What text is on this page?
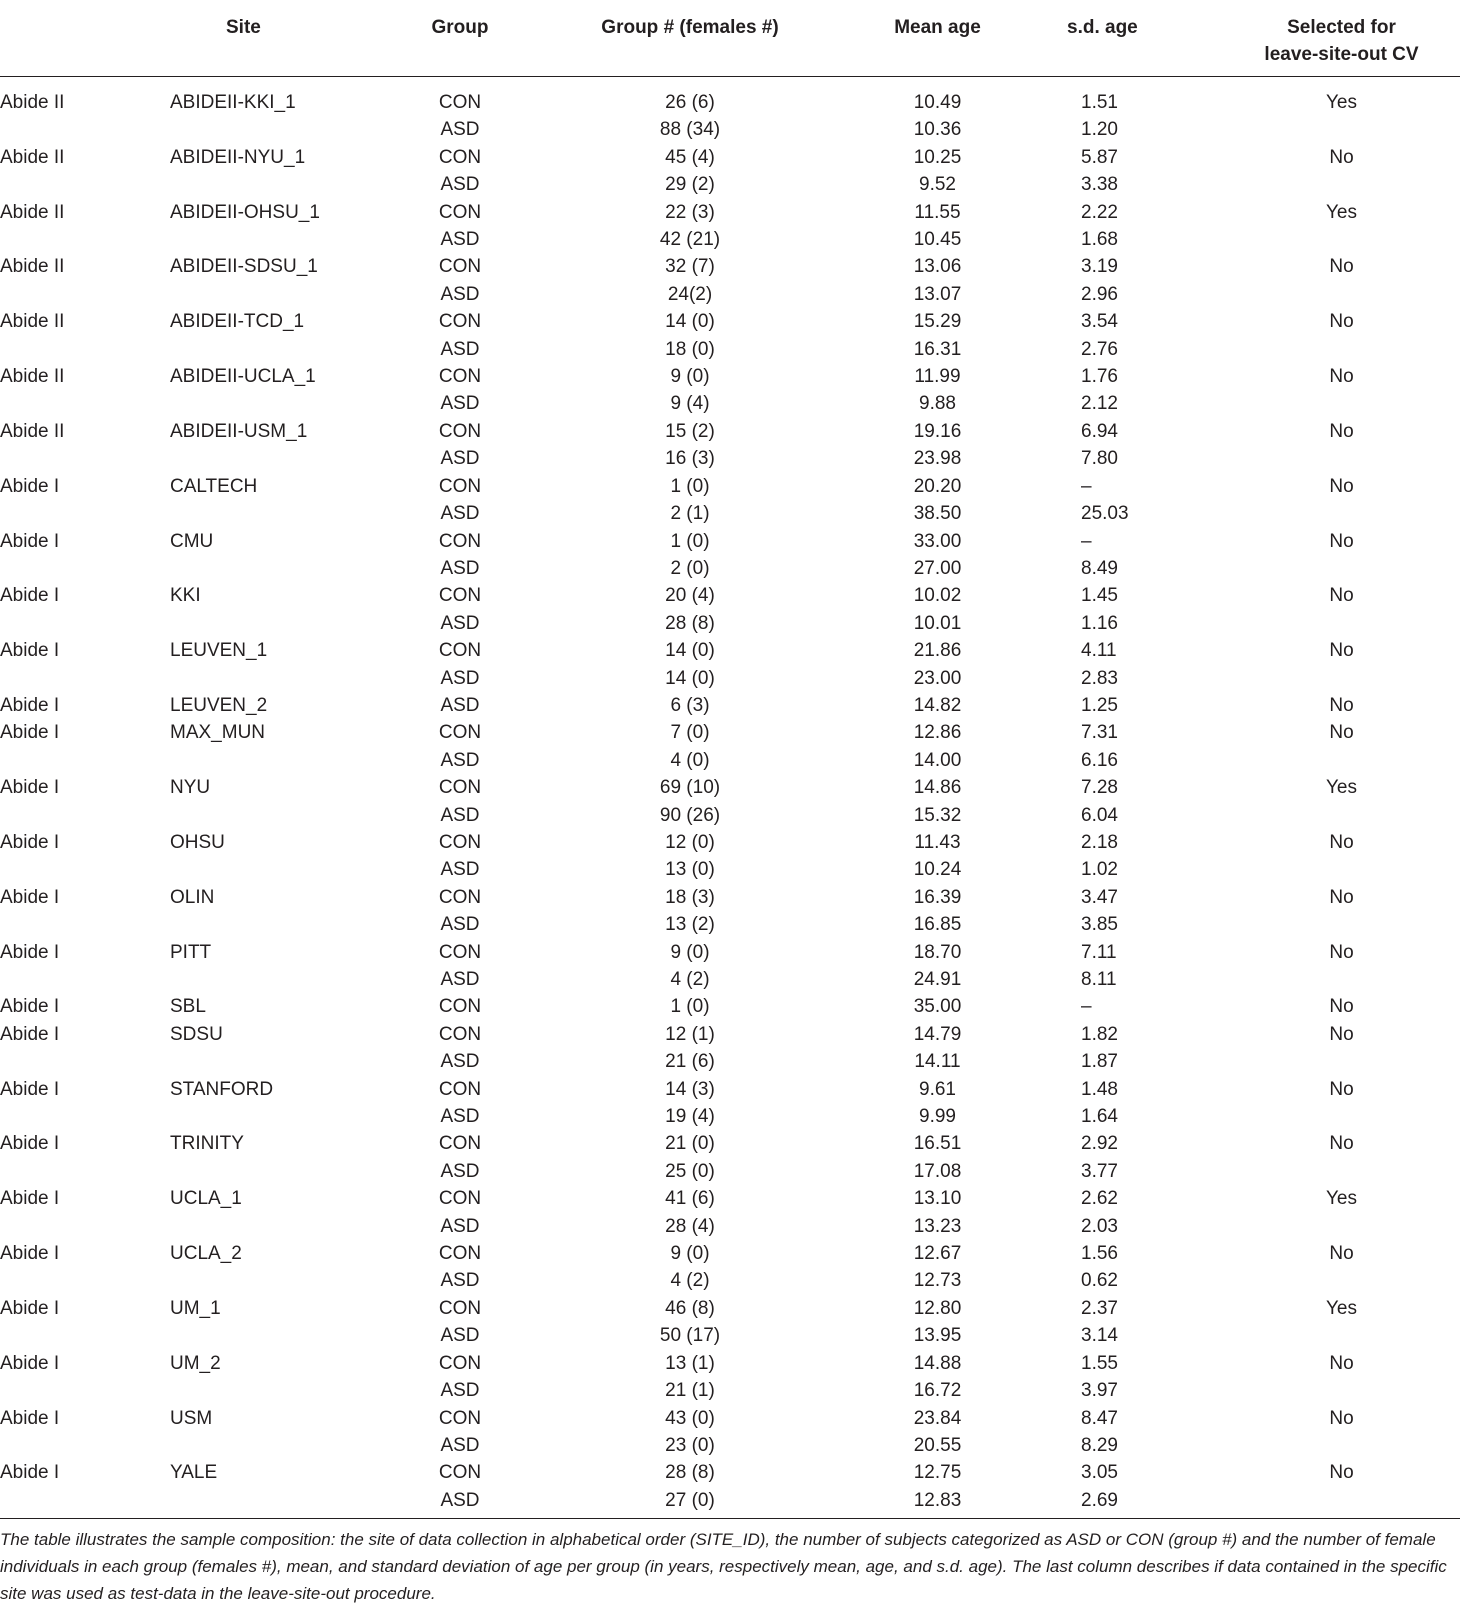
	Site	Group	Group # (females #)	Mean age	s.d. age	Selected for
leave-site-out CV

Abide II	ABIDEII-KKI_1	CON	26 (6)	10.49	1.51	Yes
		ASD	88 (34)	10.36	1.20	
Abide II	ABIDEII-NYU_1	CON	45 (4)	10.25	5.87	No
		ASD	29 (2)	9.52	3.38	
Abide II	ABIDEII-OHSU_1	CON	22 (3)	11.55	2.22	Yes
		ASD	42 (21)	10.45	1.68	
Abide II	ABIDEII-SDSU_1	CON	32 (7)	13.06	3.19	No
		ASD	24(2)	13.07	2.96	
Abide II	ABIDEII-TCD_1	CON	14 (0)	15.29	3.54	No
		ASD	18 (0)	16.31	2.76	
Abide II	ABIDEII-UCLA_1	CON	9 (0)	11.99	1.76	No
		ASD	9 (4)	9.88	2.12	
Abide II	ABIDEII-USM_1	CON	15 (2)	19.16	6.94	No
		ASD	16 (3)	23.98	7.80	
Abide I	CALTECH	CON	1 (0)	20.20	–	No
		ASD	2 (1)	38.50	25.03	
Abide I	CMU	CON	1 (0)	33.00	–	No
		ASD	2 (0)	27.00	8.49	
Abide I	KKI	CON	20 (4)	10.02	1.45	No
		ASD	28 (8)	10.01	1.16	
Abide I	LEUVEN_1	CON	14 (0)	21.86	4.11	No
		ASD	14 (0)	23.00	2.83	
Abide I	LEUVEN_2	ASD	6 (3)	14.82	1.25	No
Abide I	MAX_MUN	CON	7 (0)	12.86	7.31	No
		ASD	4 (0)	14.00	6.16	
Abide I	NYU	CON	69 (10)	14.86	7.28	Yes
		ASD	90 (26)	15.32	6.04	
Abide I	OHSU	CON	12 (0)	11.43	2.18	No
		ASD	13 (0)	10.24	1.02	
Abide I	OLIN	CON	18 (3)	16.39	3.47	No
		ASD	13 (2)	16.85	3.85	
Abide I	PITT	CON	9 (0)	18.70	7.11	No
		ASD	4 (2)	24.91	8.11	
Abide I	SBL	CON	1 (0)	35.00	–	No
Abide I	SDSU	CON	12 (1)	14.79	1.82	No
		ASD	21 (6)	14.11	1.87	
Abide I	STANFORD	CON	14 (3)	9.61	1.48	No
		ASD	19 (4)	9.99	1.64	
Abide I	TRINITY	CON	21 (0)	16.51	2.92	No
		ASD	25 (0)	17.08	3.77	
Abide I	UCLA_1	CON	41 (6)	13.10	2.62	Yes
		ASD	28 (4)	13.23	2.03	
Abide I	UCLA_2	CON	9 (0)	12.67	1.56	No
		ASD	4 (2)	12.73	0.62	
Abide I	UM_1	CON	46 (8)	12.80	2.37	Yes
		ASD	50 (17)	13.95	3.14	
Abide I	UM_2	CON	13 (1)	14.88	1.55	No
		ASD	21 (1)	16.72	3.97	
Abide I	USM	CON	43 (0)	23.84	8.47	No
		ASD	23 (0)	20.55	8.29	
Abide I	YALE	CON	28 (8)	12.75	3.05	No
		ASD	27 (0)	12.83	2.69	

The table illustrates the sample composition: the site of data collection in alphabetical order (SITE_ID), the number of subjects categorized as ASD or CON (group #) and the number of female individuals in each group (females #), mean, and standard deviation of age per group (in years, respectively mean, age, and s.d. age). The last column describes if data contained in the specific site was used as test-data in the leave-site-out procedure.
